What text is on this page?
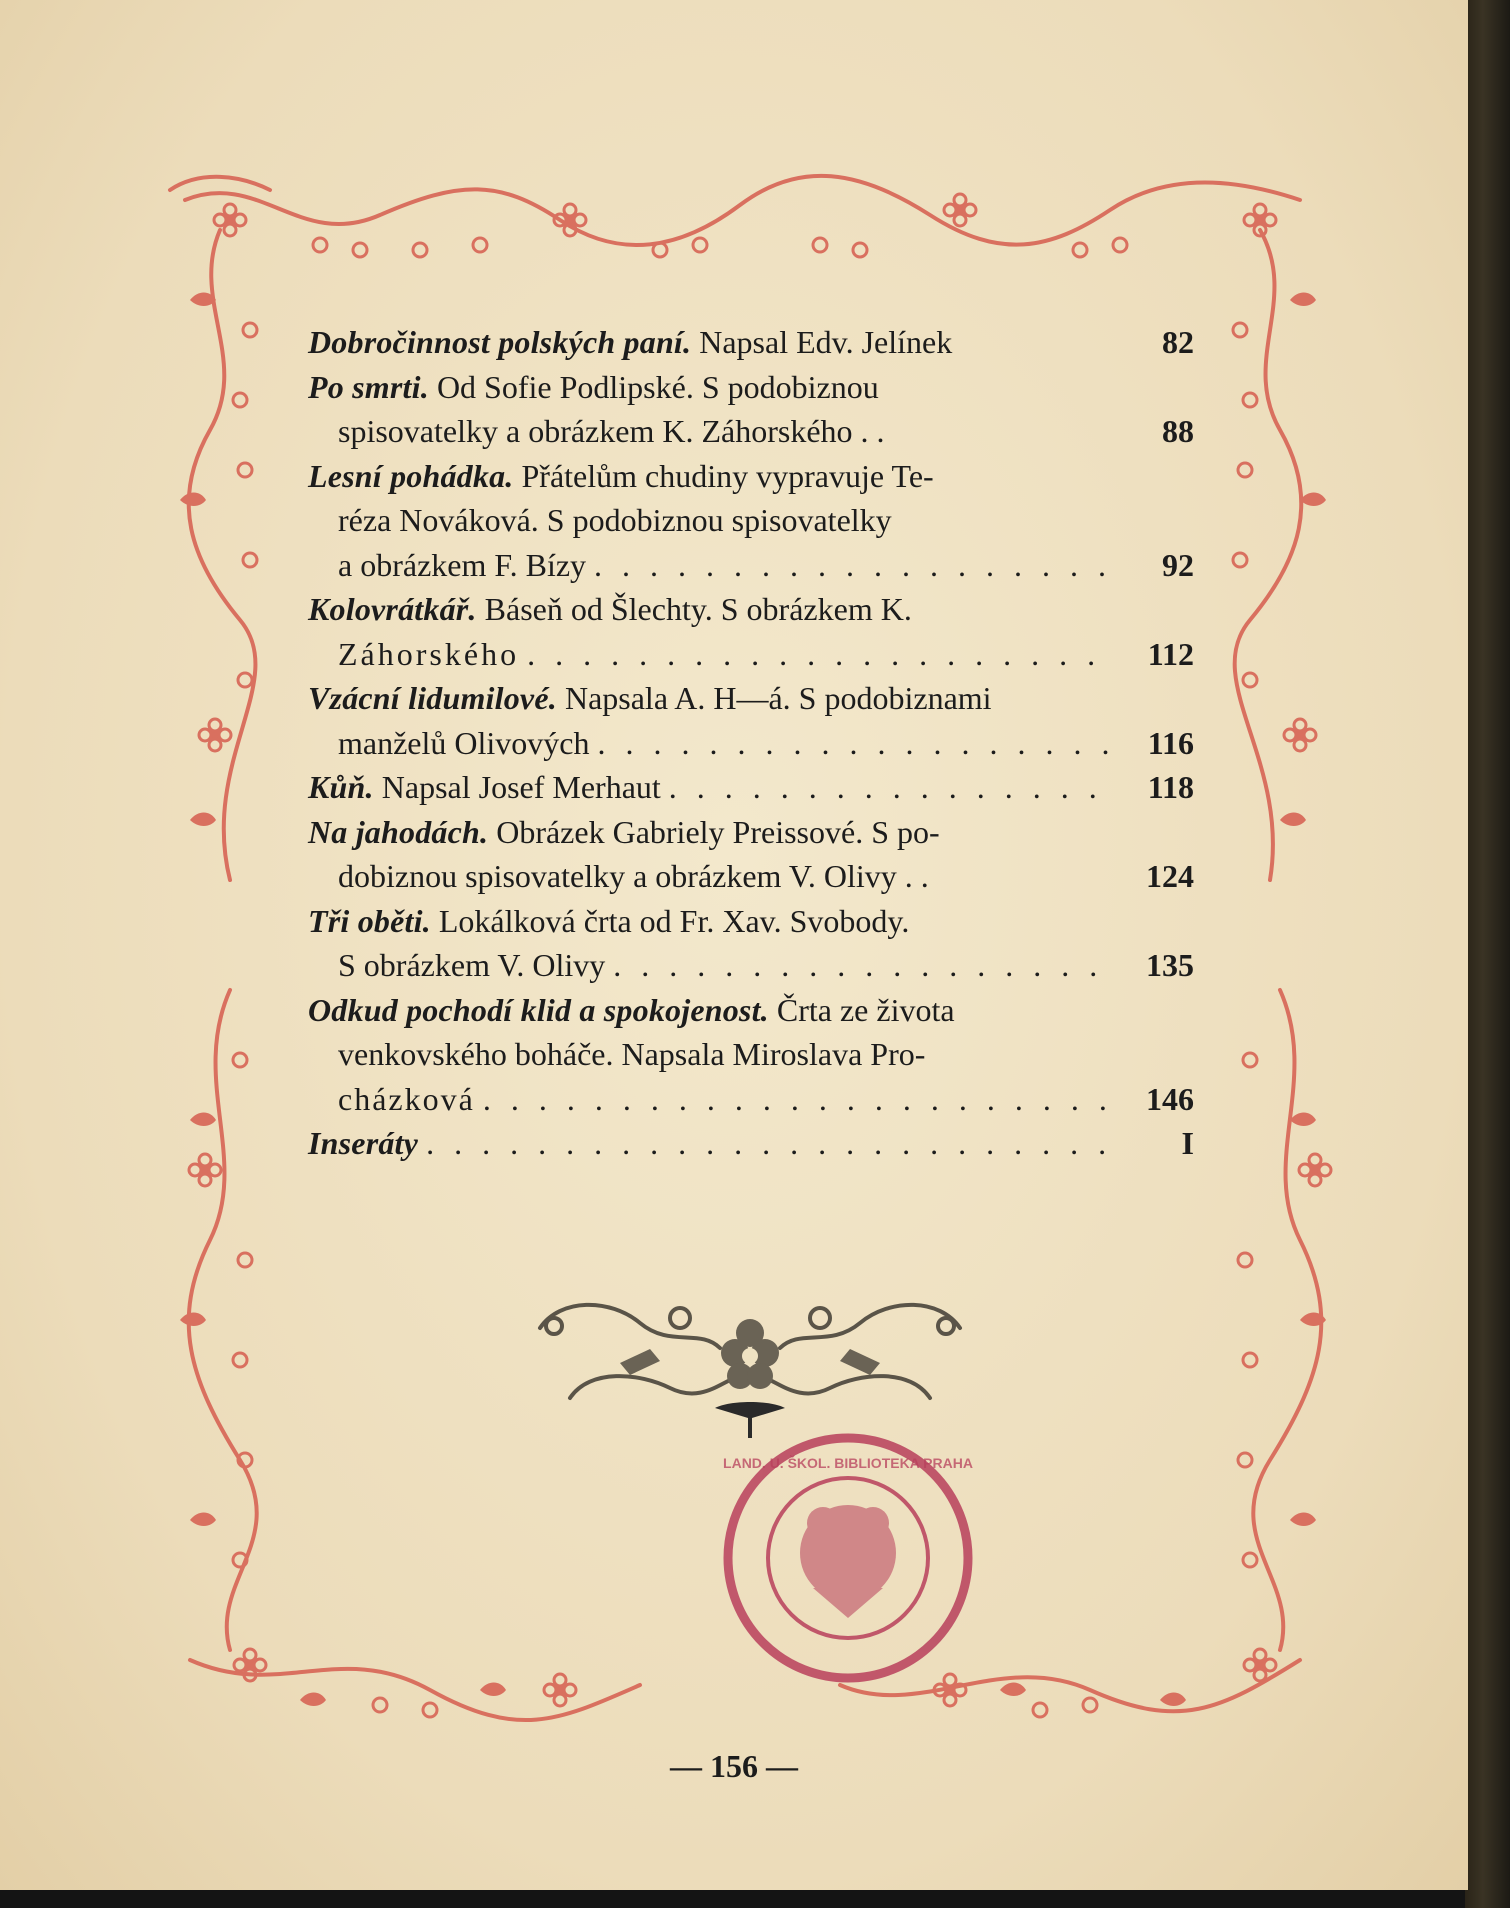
Dobročinnost polských paní. Napsal Edv. Jelínek	82
Po smrti. Od Sofie Podlipské. S podobiznou
spisovatelky a obrázkem K. Záhorského . .	88
Lesní pohádka. Přátelům chudiny vypravuje Te-
réza Nováková. S podobiznou spisovatelky
a obrázkem F. Bízy . . .	92
Kolovrátkář. Báseň od Šlechty. S obrázkem K.
Záhorského . . .	112
Vzácní lidumilové. Napsala A. H—á. S podobiznami
manželů Olivových . . .	116
Kůň. Napsal Josef Merhaut . . .	118
Na jahodách. Obrázek Gabriely Preissové. S po-
dobiznou spisovatelky a obrázkem V. Olivy . .	124
Tři oběti. Lokálková črta od Fr. Xav. Svobody.
S obrázkem V. Olivy . . .	135
Odkud pochodí klid a spokojenost. Črta ze života
venkovského boháče. Napsala Miroslava Pro-
cházková . . .	146
Inseráty . . .	I
LAND. U. ŠKOL. BIBLIOTEKA PRAHA
— 156 —
